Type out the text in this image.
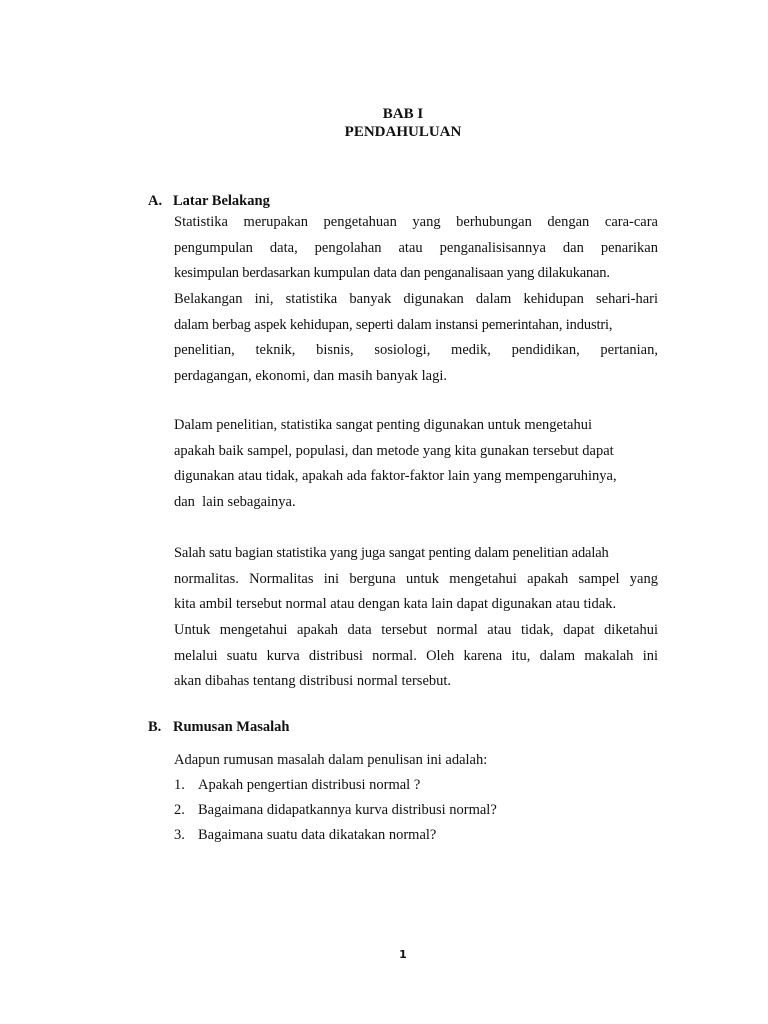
BAB I
PENDAHULUAN
A. Latar Belakang
Statistika merupakan pengetahuan yang berhubungan dengan cara-cara
pengumpulan data, pengolahan atau penganalisisannya dan penarikan
kesimpulan berdasarkan kumpulan data dan penganalisaan yang dilakukanan.
Belakangan ini, statistika banyak digunakan dalam kehidupan sehari-hari
dalam berbag aspek kehidupan, seperti dalam instansi pemerintahan, industri,
penelitian, teknik, bisnis, sosiologi, medik, pendidikan, pertanian,
perdagangan, ekonomi, dan masih banyak lagi.
Dalam penelitian, statistika sangat penting digunakan untuk mengetahui
apakah baik sampel, populasi, dan metode yang kita gunakan tersebut dapat
digunakan atau tidak, apakah ada faktor-faktor lain yang mempengaruhinya,
dan  lain sebagainya.
Salah satu bagian statistika yang juga sangat penting dalam penelitian adalah
normalitas. Normalitas ini berguna untuk mengetahui apakah sampel yang
kita ambil tersebut normal atau dengan kata lain dapat digunakan atau tidak.
Untuk mengetahui apakah data tersebut normal atau tidak, dapat diketahui
melalui suatu kurva distribusi normal. Oleh karena itu, dalam makalah ini
akan dibahas tentang distribusi normal tersebut.
B. Rumusan Masalah
Adapun rumusan masalah dalam penulisan ini adalah:
1. Apakah pengertian distribusi normal ?
2. Bagaimana didapatkannya kurva distribusi normal?
3. Bagaimana suatu data dikatakan normal?
1
